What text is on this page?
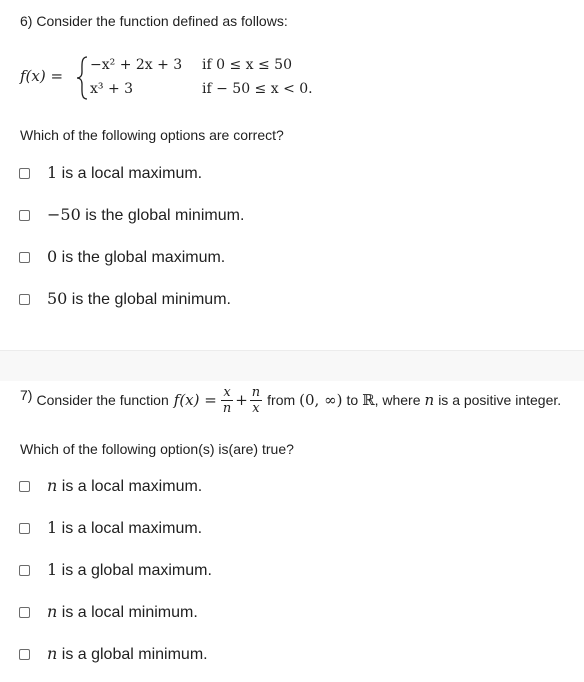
6) Consider the function defined as follows:
f(x) =
−x² + 2x + 3 if 0 ≤ x ≤ 50
x³ + 3	if − 50 ≤ x < 0.
Which of the following options are correct?
1 is a local maximum.
−50 is the global minimum.
0 is the global maximum.
50 is the global minimum.
7) Consider the function $f(x) = \frac{x}{n} + \frac{n}{x}$ from (0, ∞) to ℝ , where n is a positive integer.
Which of the following option(s) is(are) true?
n is a local maximum.
1 is a local maximum.
1 is a global maximum.
n is a local minimum.
n is a global minimum.
